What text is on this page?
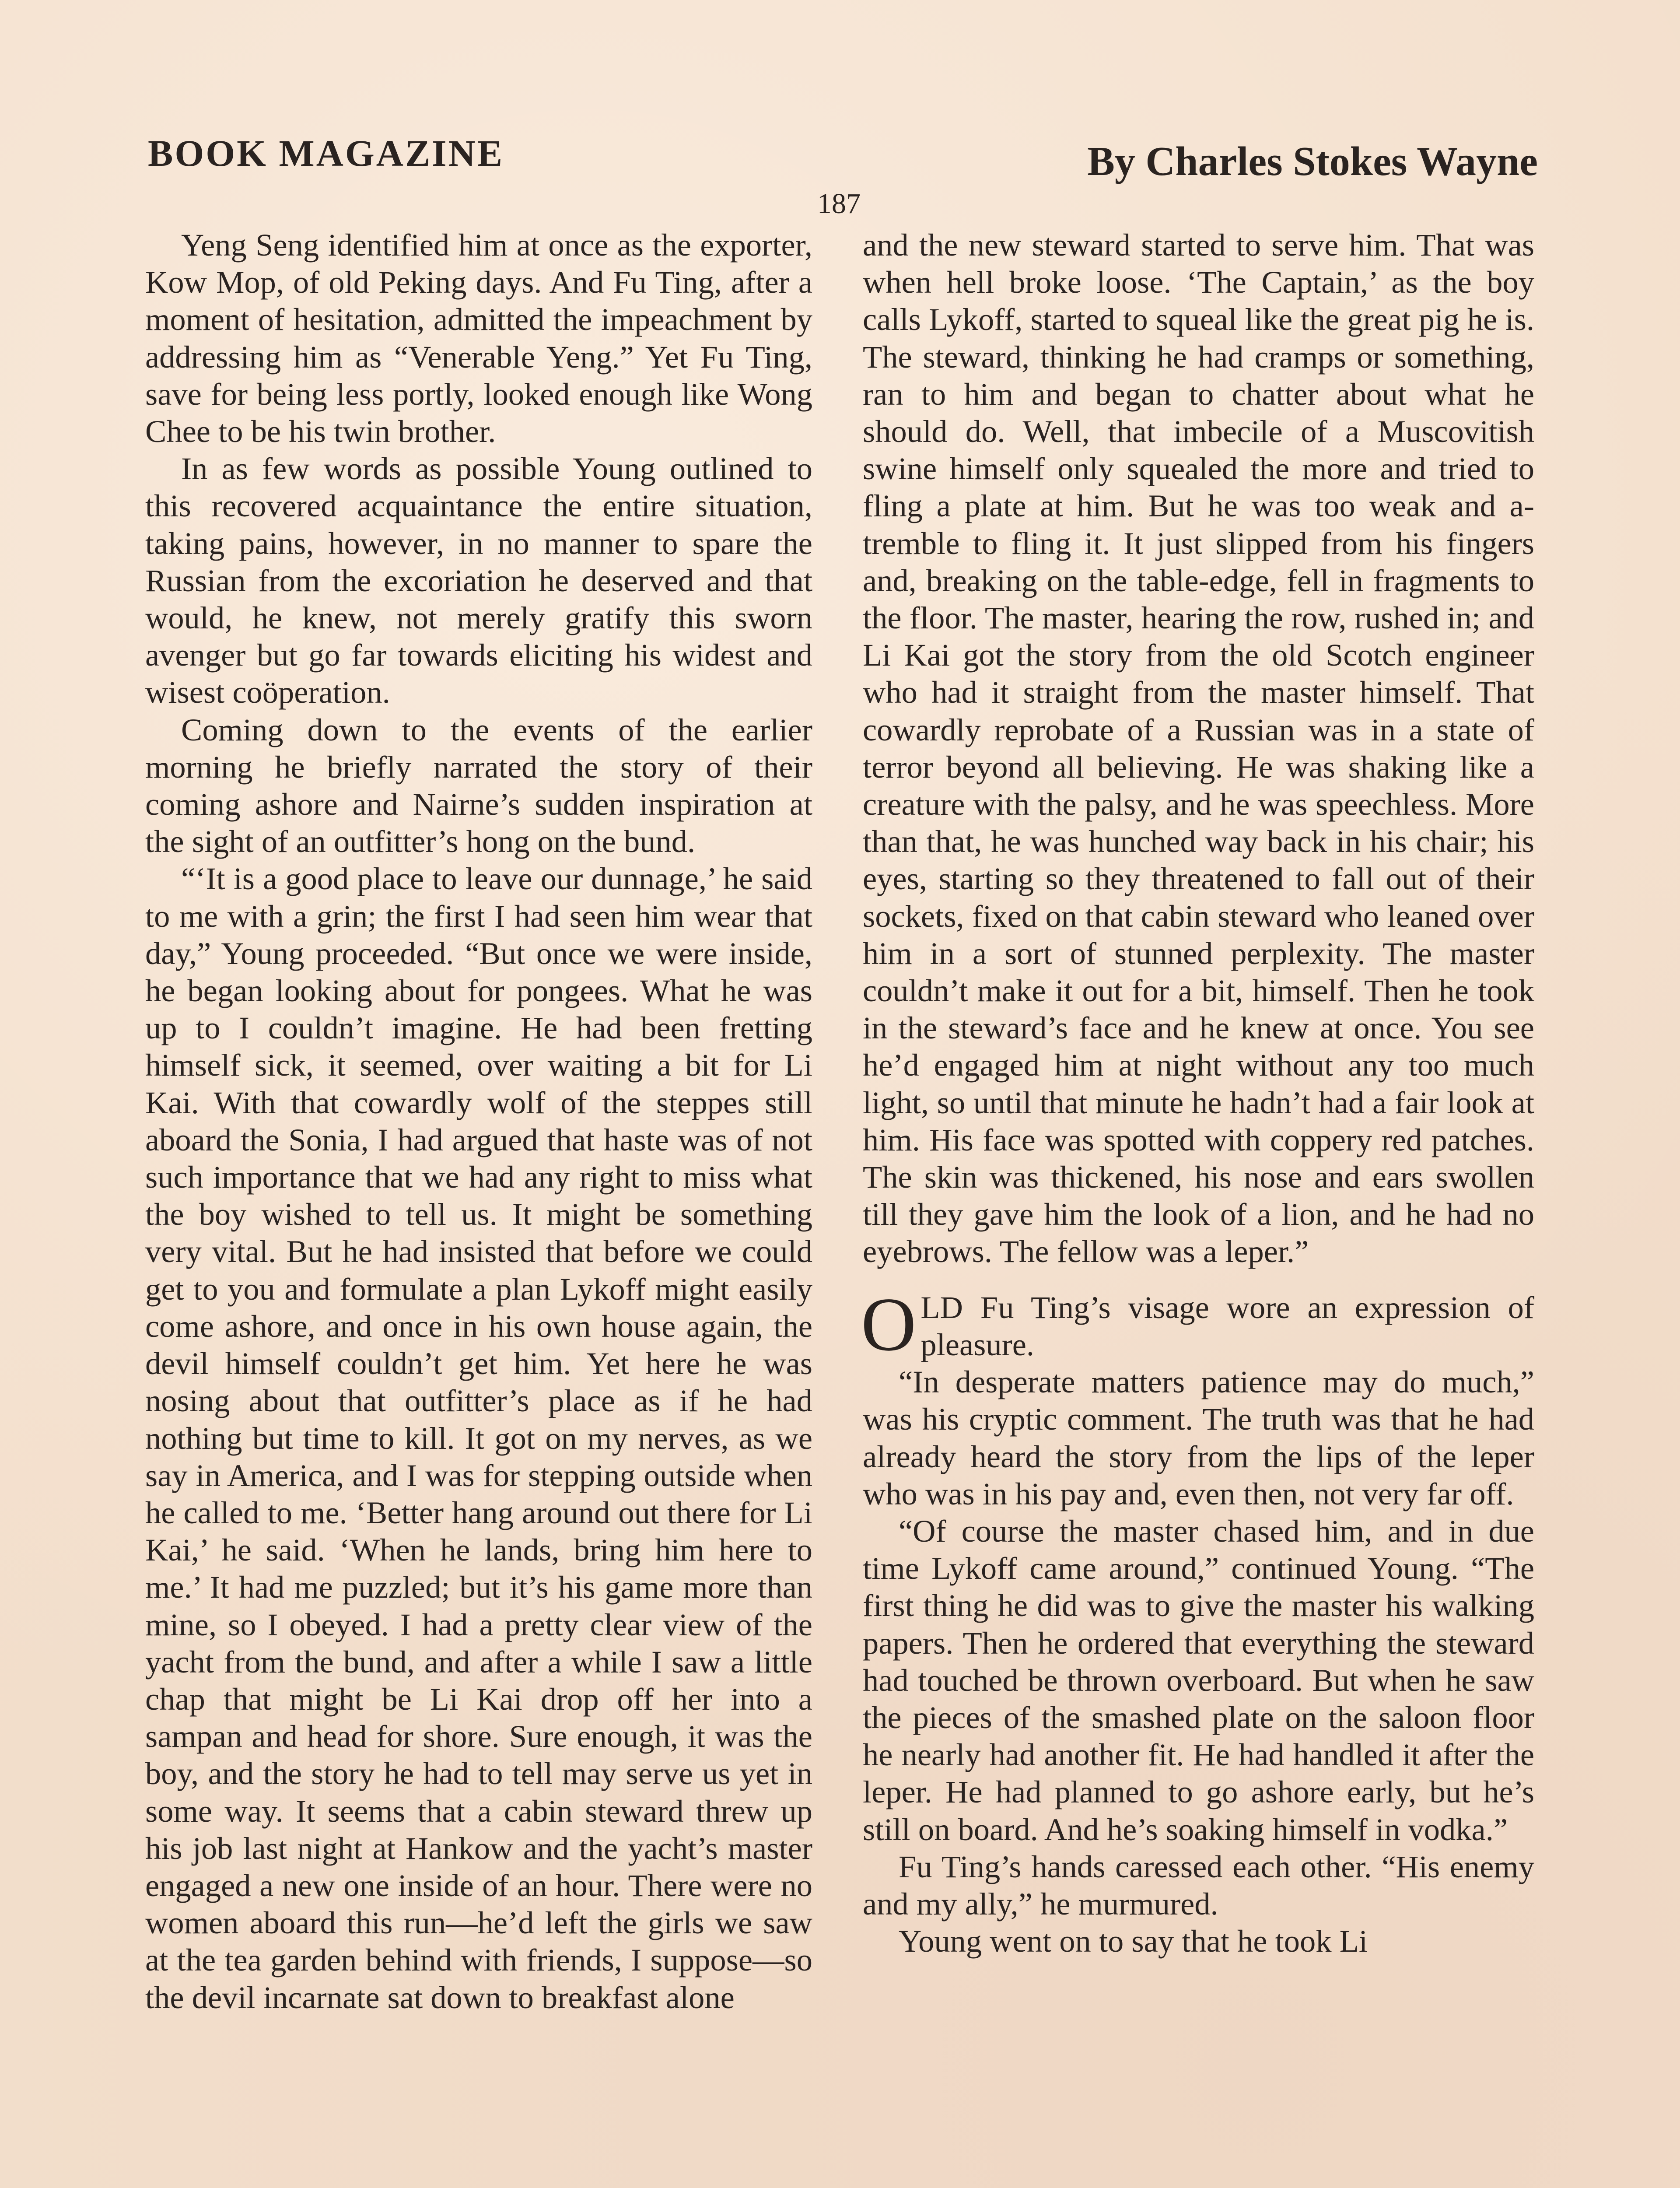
BOOK MAGAZINE	By Charles Stokes Wayne
187

Yeng Seng identified him at once as the exporter, Kow Mop, of old Peking days. And Fu Ting, after a moment of hesitation, admitted the impeachment by addressing him as “Venerable Yeng.” Yet Fu Ting, save for being less portly, looked enough like Wong Chee to be his twin brother.

In as few words as possible Young outlined to this recovered acquaintance the entire situation, taking pains, however, in no manner to spare the Russian from the excoriation he deserved and that would, he knew, not merely gratify this sworn avenger but go far towards eliciting his widest and wisest coöperation.

Coming down to the events of the earlier morning he briefly narrated the story of their coming ashore and Nairne’s sudden inspiration at the sight of an outfitter’s hong on the bund.

“‘It is a good place to leave our dunnage,’ he said to me with a grin; the first I had seen him wear that day,” Young proceeded. “But once we were inside, he began looking about for pongees. What he was up to I couldn’t imagine. He had been fretting himself sick, it seemed, over waiting a bit for Li Kai. With that cowardly wolf of the steppes still aboard the Sonia, I had argued that haste was of not such importance that we had any right to miss what the boy wished to tell us. It might be something very vital. But he had insisted that before we could get to you and formulate a plan Lykoff might easily come ashore, and once in his own house again, the devil himself couldn’t get him. Yet here he was nosing about that outfitter’s place as if he had nothing but time to kill. It got on my nerves, as we say in America, and I was for stepping outside when he called to me. ‘Better hang around out there for Li Kai,’ he said. ‘When he lands, bring him here to me.’ It had me puzzled; but it’s his game more than mine, so I obeyed. I had a pretty clear view of the yacht from the bund, and after a while I saw a little chap that might be Li Kai drop off her into a sampan and head for shore. Sure enough, it was the boy, and the story he had to tell may serve us yet in some way. It seems that a cabin steward threw up his job last night at Hankow and the yacht’s master engaged a new one inside of an hour. There were no women aboard this run—he’d left the girls we saw at the tea garden behind with friends, I suppose—so the devil incarnate sat down to breakfast alone

and the new steward started to serve him. That was when hell broke loose. ‘The Captain,’ as the boy calls Lykoff, started to squeal like the great pig he is. The steward, thinking he had cramps or something, ran to him and began to chatter about what he should do. Well, that imbecile of a Muscovitish swine himself only squealed the more and tried to fling a plate at him. But he was too weak and a-tremble to fling it. It just slipped from his fingers and, breaking on the table-edge, fell in fragments to the floor. The master, hearing the row, rushed in; and Li Kai got the story from the old Scotch engineer who had it straight from the master himself. That cowardly reprobate of a Russian was in a state of terror beyond all believing. He was shaking like a creature with the palsy, and he was speechless. More than that, he was hunched way back in his chair; his eyes, starting so they threatened to fall out of their sockets, fixed on that cabin steward who leaned over him in a sort of stunned perplexity. The master couldn’t make it out for a bit, himself. Then he took in the steward’s face and he knew at once. You see he’d engaged him at night without any too much light, so until that minute he hadn’t had a fair look at him. His face was spotted with coppery red patches. The skin was thickened, his nose and ears swollen till they gave him the look of a lion, and he had no eyebrows. The fellow was a leper.”

OLD Fu Ting’s visage wore an expression of pleasure.

“In desperate matters patience may do much,” was his cryptic comment. The truth was that he had already heard the story from the lips of the leper who was in his pay and, even then, not very far off.

“Of course the master chased him, and in due time Lykoff came around,” continued Young. “The first thing he did was to give the master his walking papers. Then he ordered that everything the steward had touched be thrown overboard. But when he saw the pieces of the smashed plate on the saloon floor he nearly had another fit. He had handled it after the leper. He had planned to go ashore early, but he’s still on board. And he’s soaking himself in vodka.”

Fu Ting’s hands caressed each other. “His enemy and my ally,” he murmured.

Young went on to say that he took Li
